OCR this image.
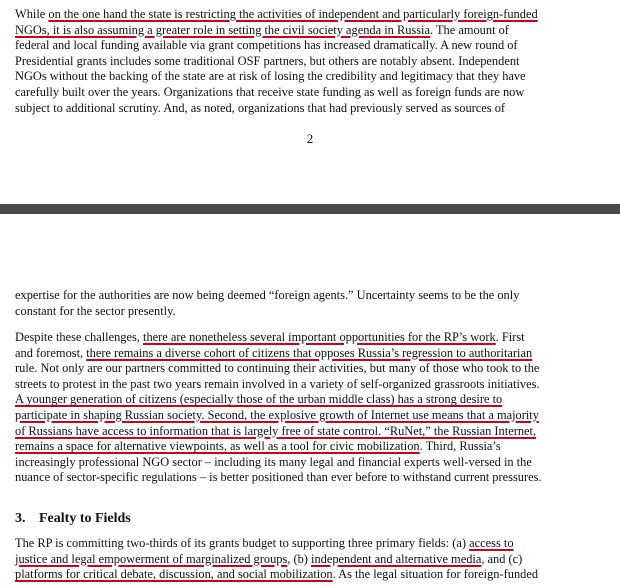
While on the one hand the state is restricting the activities of independent and particularly foreign-funded
NGOs, it is also assuming a greater role in setting the civil society agenda in Russia. The amount of
federal and local funding available via grant competitions has increased dramatically. A new round of
Presidential grants includes some traditional OSF partners, but others are notably absent. Independent
NGOs without the backing of the state are at risk of losing the credibility and legitimacy that they have
carefully built over the years. Organizations that receive state funding as well as foreign funds are now
subject to additional scrutiny. And, as noted, organizations that had previously served as sources of
2
expertise for the authorities are now being deemed “foreign agents.” Uncertainty seems to be the only
constant for the sector presently.
Despite these challenges, there are nonetheless several important opportunities for the RP’s work. First
and foremost, there remains a diverse cohort of citizens that opposes Russia’s regression to authoritarian
rule. Not only are our partners committed to continuing their activities, but many of those who took to the
streets to protest in the past two years remain involved in a variety of self-organized grassroots initiatives.
A younger generation of citizens (especially those of the urban middle class) has a strong desire to
participate in shaping Russian society. Second, the explosive growth of Internet use means that a majority
of Russians have access to information that is largely free of state control. “RuNet,” the Russian Internet,
remains a space for alternative viewpoints, as well as a tool for civic mobilization. Third, Russia’s
increasingly professional NGO sector – including its many legal and financial experts well-versed in the
nuance of sector-specific regulations – is better positioned than ever before to withstand current pressures.
3. Fealty to Fields
The RP is committing two-thirds of its grants budget to supporting three primary fields: (a) access to
justice and legal empowerment of marginalized groups, (b) independent and alternative media, and (c)
platforms for critical debate, discussion, and social mobilization. As the legal situation for foreign-funded
